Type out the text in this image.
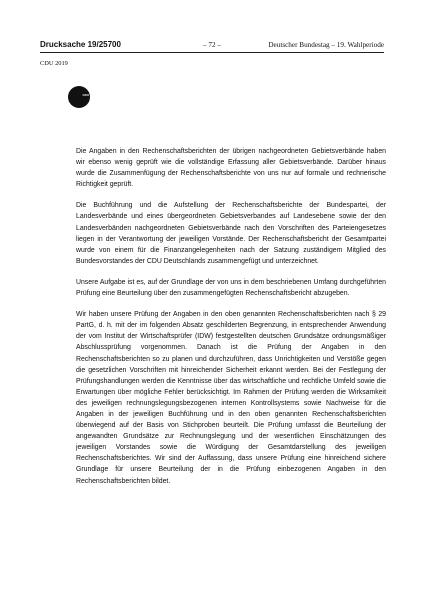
Drucksache 19/25700	– 72 –	Deutscher Bundestag – 19. Wahlperiode
CDU 2019
CDU

Die Angaben in den Rechenschaftsberichten der übrigen nachgeordneten Gebietsverbände haben wir ebenso wenig geprüft wie die vollständige Erfassung aller Gebietsverbände. Darüber hinaus wurde die Zusammenfügung der Rechenschaftsberichte von uns nur auf formale und rechnerische Richtigkeit geprüft.

Die Buchführung und die Aufstellung der Rechenschaftsberichte der Bundespartei, der Landesverbände und eines übergeordneten Gebietsverbandes auf Landesebene sowie der den Landesverbänden nachgeordneten Gebietsverbände nach den Vorschriften des Parteiengesetzes liegen in der Verantwortung der jeweiligen Vorstände. Der Rechenschaftsbericht der Gesamtpartei wurde von einem für die Finanzangelegenheiten nach der Satzung zuständigem Mitglied des Bundesvorstandes der CDU Deutschlands zusammengefügt und unterzeichnet.

Unsere Aufgabe ist es, auf der Grundlage der von uns in dem beschriebenen Umfang durchgeführten Prüfung eine Beurteilung über den zusammengefügten Rechenschaftsbericht abzugeben.

Wir haben unsere Prüfung der Angaben in den oben genannten Rechenschaftsberichten nach § 29 PartG, d. h. mit der im folgenden Absatz geschilderten Begrenzung, in entsprechender Anwendung der vom Institut der Wirtschaftsprüfer (IDW) festgestellten deutschen Grundsätze ordnungsmäßiger Abschlussprüfung vorgenommen. Danach ist die Prüfung der Angaben in den Rechenschaftsberichten so zu planen und durchzuführen, dass Unrichtigkeiten und Verstöße gegen die gesetzlichen Vorschriften mit hinreichender Sicherheit erkannt werden. Bei der Festlegung der Prüfungshandlungen werden die Kenntnisse über das wirtschaftliche und rechtliche Umfeld sowie die Erwartungen über mögliche Fehler berücksichtigt. Im Rahmen der Prüfung werden die Wirksamkeit des jeweiligen rechnungslegungsbezogenen internen Kontrollsystems sowie Nachweise für die Angaben in der jeweiligen Buchführung und in den oben genannten Rechenschaftsberichten überwiegend auf der Basis von Stichproben beurteilt. Die Prüfung umfasst die Beurteilung der angewandten Grundsätze zur Rechnungslegung und der wesentlichen Einschätzungen des jeweiligen Vorstandes sowie die Würdigung der Gesamtdarstellung des jeweiligen Rechenschaftsberichtes. Wir sind der Auffassung, dass unsere Prüfung eine hinreichend sichere Grundlage für unsere Beurteilung der in die Prüfung einbezogenen Angaben in den Rechenschaftsberichten bildet.
